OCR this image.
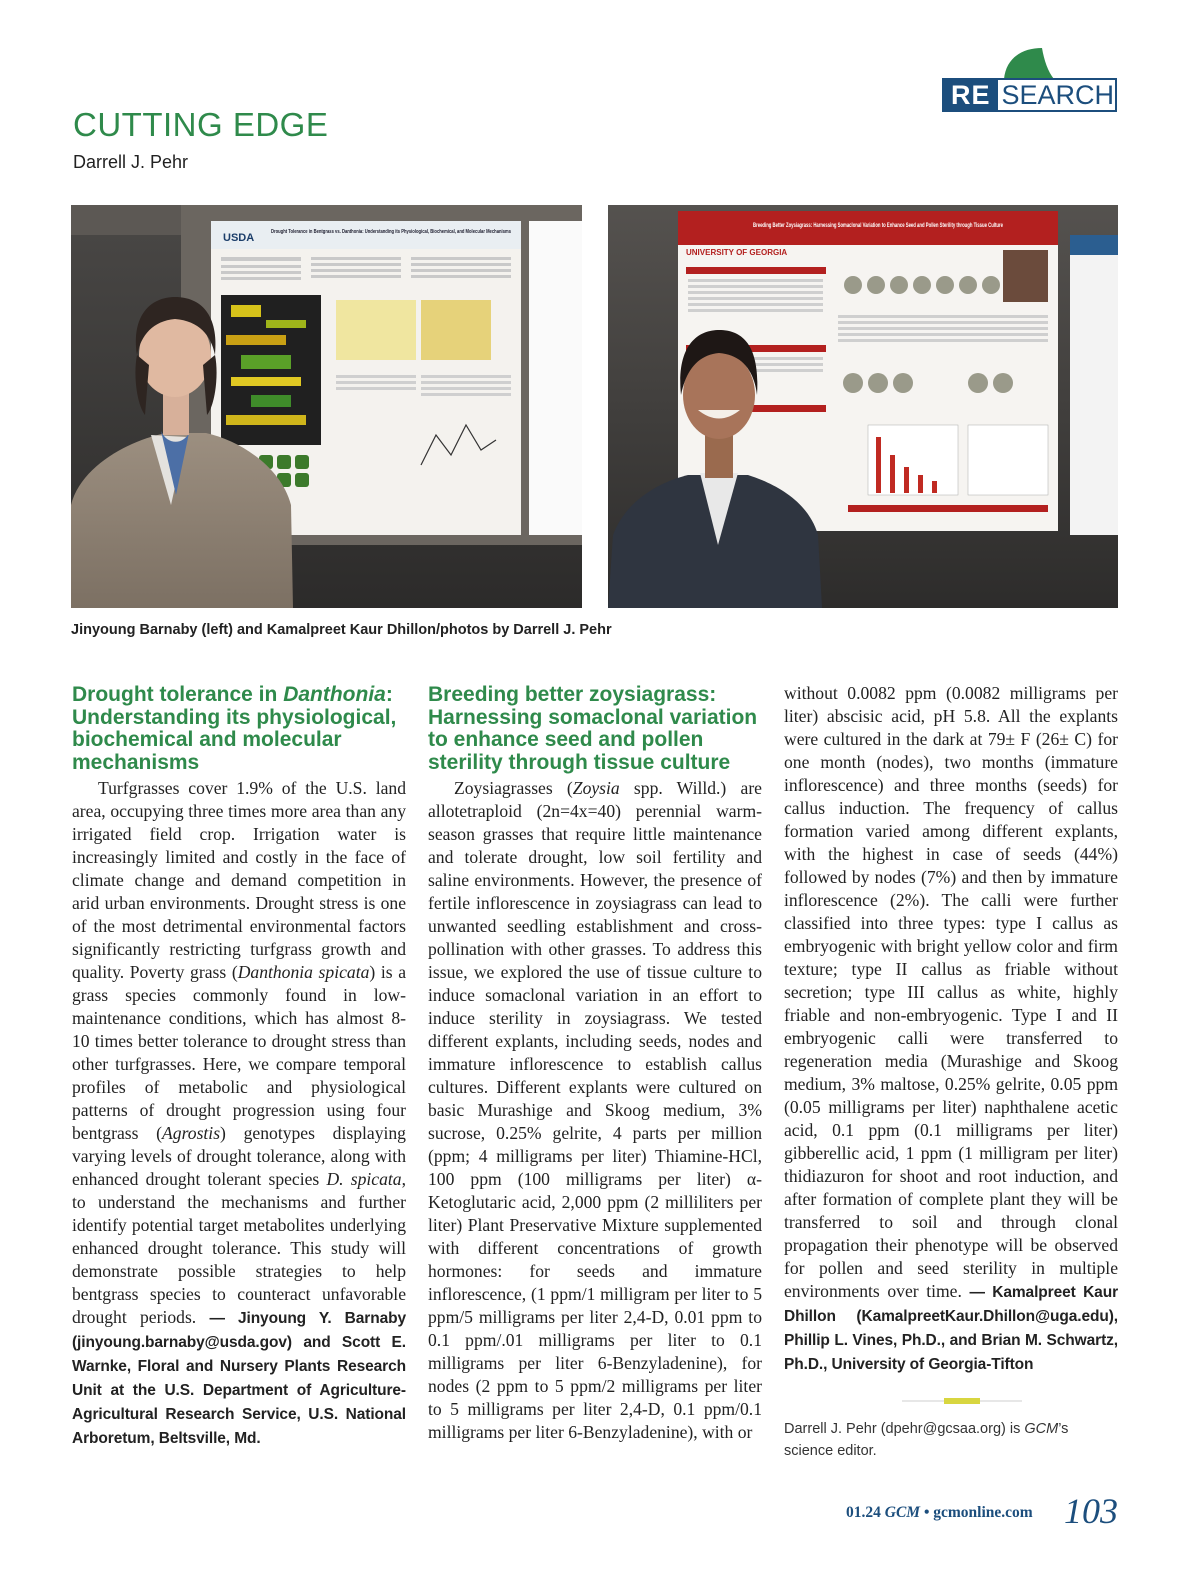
RE SEARCH
CUTTING EDGE
Darrell J. Pehr
USDA	Drought Tolerance in Bentgrass vs. Danthonia: Understanding its Physiological, Biochemical, and Molecular Mechanisms
UNIVERSITY OF GEORGIA
Breeding Better Zoysiagrass: Harnessing Somaclonal Variation to Enhance Seed and Pollen Sterility through Tissue Culture
Jinyoung Barnaby (left) and Kamalpreet Kaur Dhillon/photos by Darrell J. Pehr
Drought tolerance in Danthonia: Understanding its physiological, biochemical and molecular mechanisms

Turfgrasses cover 1.9% of the U.S. land area, occupying three times more area than any irrigated field crop. Irrigation water is increasingly limited and costly in the face of climate change and demand competition in arid urban environments. Drought stress is one of the most detrimental environmental factors significantly restricting turfgrass growth and quality. Poverty grass (Danthonia spicata) is a grass species commonly found in low-maintenance conditions, which has almost 8-10 times better tolerance to drought stress than other turfgrasses. Here, we compare temporal profiles of metabolic and physiological patterns of drought progression using four bentgrass (Agrostis) genotypes displaying varying levels of drought tolerance, along with enhanced drought tolerant species D. spicata, to understand the mechanisms and further identify potential target metabolites underlying enhanced drought tolerance. This study will demonstrate possible strategies to help bentgrass species to counteract unfavorable drought periods. — Jinyoung Y. Barnaby (jinyoung.barnaby@usda.gov) and Scott E. Warnke, Floral and Nursery Plants Research Unit at the U.S. Department of Agriculture-Agricultural Research Service, U.S. National Arboretum, Beltsville, Md.

Breeding better zoysiagrass: Harnessing somaclonal variation to enhance seed and pollen sterility through tissue culture

Zoysiagrasses (Zoysia spp. Willd.) are allotetraploid (2n=4x=40) perennial warm-season grasses that require little maintenance and tolerate drought, low soil fertility and saline environments. However, the presence of fertile inflorescence in zoysiagrass can lead to unwanted seedling establishment and cross-pollination with other grasses. To address this issue, we explored the use of tissue culture to induce somaclonal variation in an effort to induce sterility in zoysiagrass. We tested different explants, including seeds, nodes and immature inflorescence to establish callus cultures. Different explants were cultured on basic Murashige and Skoog medium, 3% sucrose, 0.25% gelrite, 4 parts per million (ppm; 4 milligrams per liter) Thiamine-HCl, 100 ppm (100 milligrams per liter) α-Ketoglutaric acid, 2,000 ppm (2 milliliters per liter) Plant Preservative Mixture supplemented with different concentrations of growth hormones: for seeds and immature inflorescence, (1 ppm/1 milligram per liter to 5 ppm/5 milligrams per liter 2,4-D, 0.01 ppm to 0.1 ppm/.01 milligrams per liter to 0.1 milligrams per liter 6-Benzyladenine), for nodes (2 ppm to 5 ppm/2 milligrams per liter to 5 milligrams per liter 2,4-D, 0.1 ppm/0.1 milligrams per liter 6-Benzyladenine), with or

without 0.0082 ppm (0.0082 milligrams per liter) abscisic acid, pH 5.8. All the explants were cultured in the dark at 79± F (26± C) for one month (nodes), two months (immature inflorescence) and three months (seeds) for callus induction. The frequency of callus formation varied among different explants, with the highest in case of seeds (44%) followed by nodes (7%) and then by immature inflorescence (2%). The calli were further classified into three types: type I callus as embryogenic with bright yellow color and firm texture; type II callus as friable without secretion; type III callus as white, highly friable and non-embryogenic. Type I and II embryogenic calli were transferred to regeneration media (Murashige and Skoog medium, 3% maltose, 0.25% gelrite, 0.05 ppm (0.05 milligrams per liter) naphthalene acetic acid, 0.1 ppm (0.1 milligrams per liter) gibberellic acid, 1 ppm (1 milligram per liter) thidiazuron for shoot and root induction, and after formation of complete plant they will be transferred to soil and through clonal propagation their phenotype will be observed for pollen and seed sterility in multiple environments over time. — Kamalpreet Kaur Dhillon (KamalpreetKaur.Dhillon@uga.edu), Phillip L. Vines, Ph.D., and Brian M. Schwartz, Ph.D., University of Georgia-Tifton

Darrell J. Pehr (dpehr@gcsaa.org) is GCM’s science editor.
01.24 GCM • gcmonline.com 103
